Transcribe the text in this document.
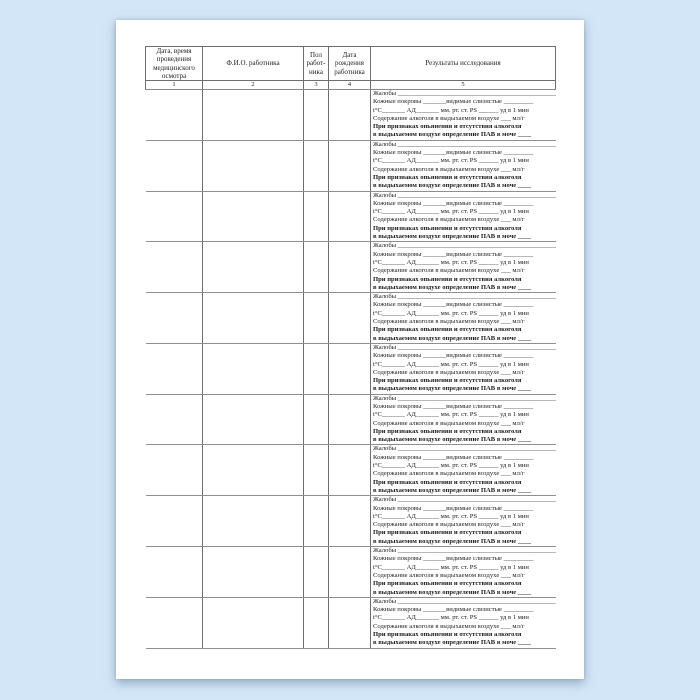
Дата, время проведения медицинского осмотра	Ф.И.О. работника	Пол работ-ника	Дата рождения работника	Результаты исследования
1	2	3	4	5

Жалобы ________________________________________________
Кожные покровы _______видимые слизистые _________
t°C_______ АД_______ мм. рт. ст. PS ______ уд в 1 мин
Содержание алкоголя в выдыхаемом воздухе ___ мл/г
При признаках опьянения и отсутствия алкоголя
в выдыхаемом воздухе определение ПАВ в моче ____

Жалобы ________________________________________________
Кожные покровы _______видимые слизистые _________
t°C_______ АД_______ мм. рт. ст. PS ______ уд в 1 мин
Содержание алкоголя в выдыхаемом воздухе ___ мл/г
При признаках опьянения и отсутствия алкоголя
в выдыхаемом воздухе определение ПАВ в моче ____

Жалобы ________________________________________________
Кожные покровы _______видимые слизистые _________
t°C_______ АД_______ мм. рт. ст. PS ______ уд в 1 мин
Содержание алкоголя в выдыхаемом воздухе ___ мл/г
При признаках опьянения и отсутствия алкоголя
в выдыхаемом воздухе определение ПАВ в моче ____

Жалобы ________________________________________________
Кожные покровы _______видимые слизистые _________
t°C_______ АД_______ мм. рт. ст. PS ______ уд в 1 мин
Содержание алкоголя в выдыхаемом воздухе ___ мл/г
При признаках опьянения и отсутствия алкоголя
в выдыхаемом воздухе определение ПАВ в моче ____

Жалобы ________________________________________________
Кожные покровы _______видимые слизистые _________
t°C_______ АД_______ мм. рт. ст. PS ______ уд в 1 мин
Содержание алкоголя в выдыхаемом воздухе ___ мл/г
При признаках опьянения и отсутствия алкоголя
в выдыхаемом воздухе определение ПАВ в моче ____

Жалобы ________________________________________________
Кожные покровы _______видимые слизистые _________
t°C_______ АД_______ мм. рт. ст. PS ______ уд в 1 мин
Содержание алкоголя в выдыхаемом воздухе ___ мл/г
При признаках опьянения и отсутствия алкоголя
в выдыхаемом воздухе определение ПАВ в моче ____

Жалобы ________________________________________________
Кожные покровы _______видимые слизистые _________
t°C_______ АД_______ мм. рт. ст. PS ______ уд в 1 мин
Содержание алкоголя в выдыхаемом воздухе ___ мл/г
При признаках опьянения и отсутствия алкоголя
в выдыхаемом воздухе определение ПАВ в моче ____

Жалобы ________________________________________________
Кожные покровы _______видимые слизистые _________
t°C_______ АД_______ мм. рт. ст. PS ______ уд в 1 мин
Содержание алкоголя в выдыхаемом воздухе ___ мл/г
При признаках опьянения и отсутствия алкоголя
в выдыхаемом воздухе определение ПАВ в моче ____

Жалобы ________________________________________________
Кожные покровы _______видимые слизистые _________
t°C_______ АД_______ мм. рт. ст. PS ______ уд в 1 мин
Содержание алкоголя в выдыхаемом воздухе ___ мл/г
При признаках опьянения и отсутствия алкоголя
в выдыхаемом воздухе определение ПАВ в моче ____

Жалобы ________________________________________________
Кожные покровы _______видимые слизистые _________
t°C_______ АД_______ мм. рт. ст. PS ______ уд в 1 мин
Содержание алкоголя в выдыхаемом воздухе ___ мл/г
При признаках опьянения и отсутствия алкоголя
в выдыхаемом воздухе определение ПАВ в моче ____

Жалобы ________________________________________________
Кожные покровы _______видимые слизистые _________
t°C_______ АД_______ мм. рт. ст. PS ______ уд в 1 мин
Содержание алкоголя в выдыхаемом воздухе ___ мл/г
При признаках опьянения и отсутствия алкоголя
в выдыхаемом воздухе определение ПАВ в моче ____
